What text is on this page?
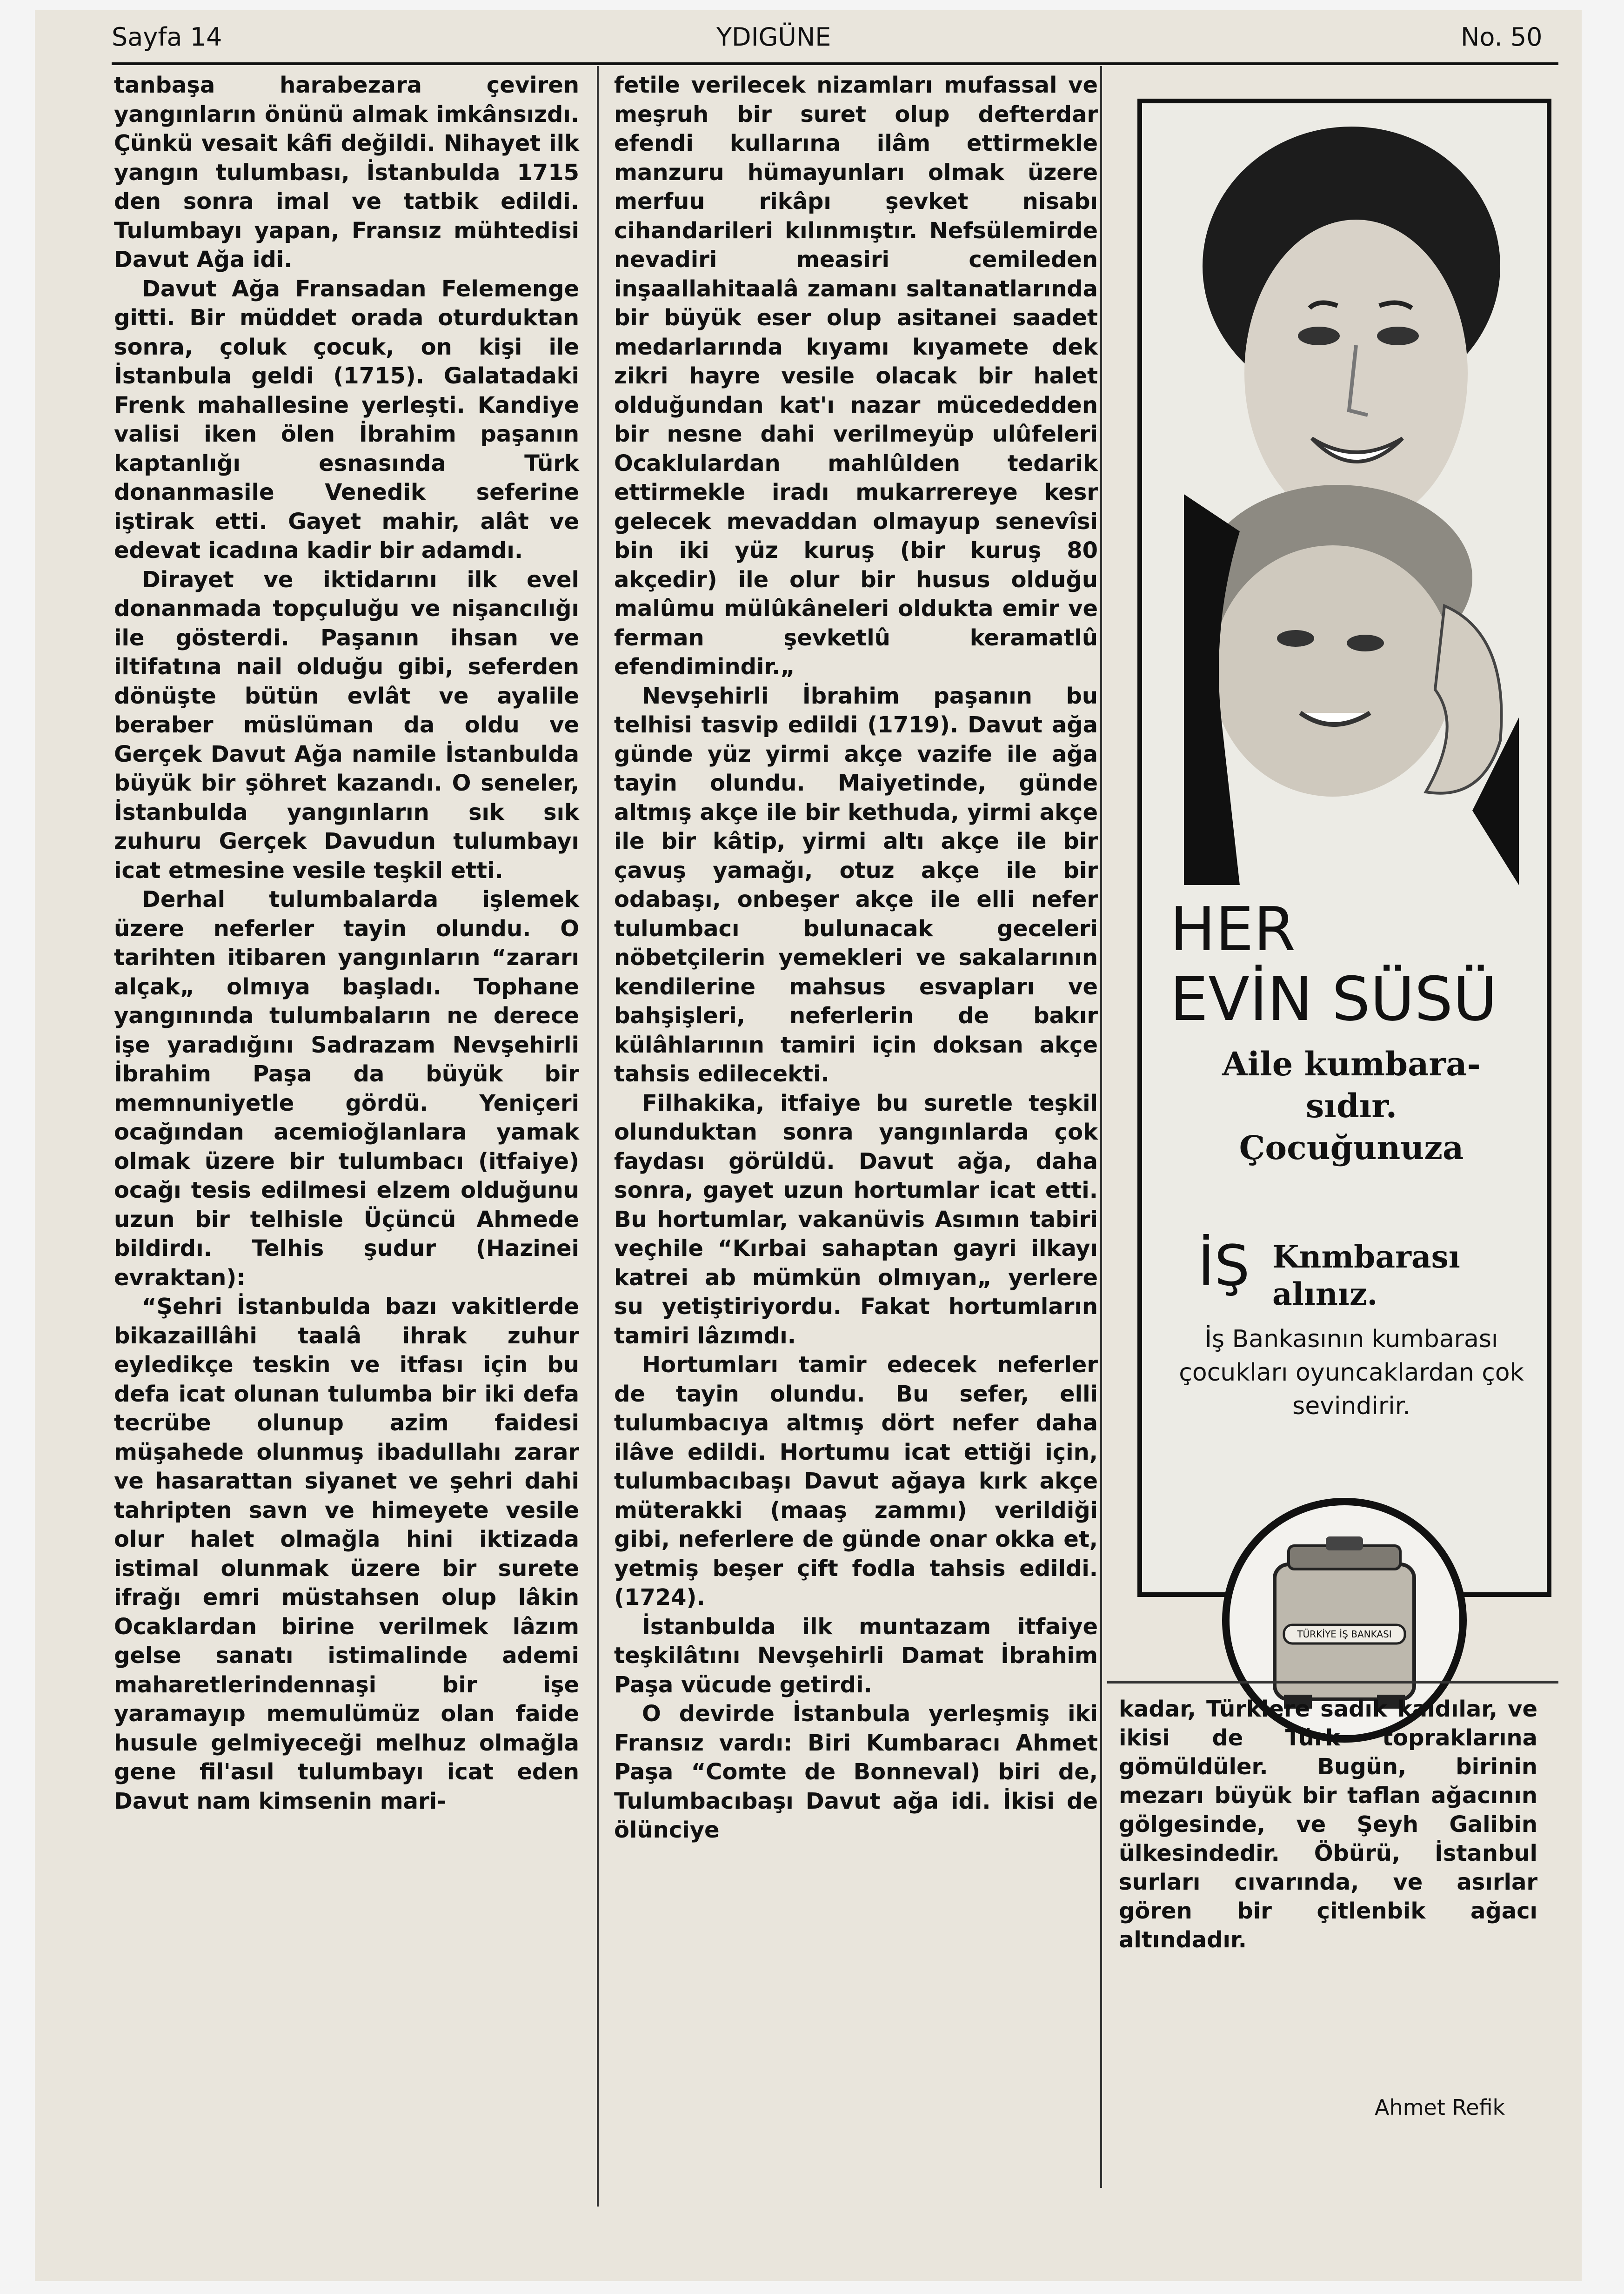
Sayfa 14	YDIGÜNE	No. 50

tanbaşa harabezara çeviren yangınların önünü almak imkânsızdı. Çünkü vesait kâfi değildi. Nihayet ilk yangın tulumbası, İstanbulda 1715 den sonra imal ve tatbik edildi. Tulumbayı yapan, Fransız mühtedisi Davut Ağa idi.

Davut Ağa Fransadan Felemenge gitti. Bir müddet orada oturduktan sonra, çoluk çocuk, on kişi ile İstanbula geldi (1715). Galatadaki Frenk mahallesine yerleşti. Kandiye valisi iken ölen İbrahim paşanın kaptanlığı esnasında Türk donanmasile Venedik seferine iştirak etti. Gayet mahir, alât ve edevat icadına kadir bir adamdı.

Dirayet ve iktidarını ilk evel donanmada topçuluğu ve nişancılığı ile gösterdi. Paşanın ihsan ve iltifatına nail olduğu gibi, seferden dönüşte bütün evlât ve ayalile beraber müslüman da oldu ve Gerçek Davut Ağa namile İstanbulda büyük bir şöhret kazandı. O seneler, İstanbulda yangınların sık sık zuhuru Gerçek Davudun tulumbayı icat etmesine vesile teşkil etti.

Derhal tulumbalarda işlemek üzere neferler tayin olundu. O tarihten itibaren yangınların “zararı alçak„ olmıya başladı. Tophane yangınında tulumbaların ne derece işe yaradığını Sadrazam Nevşehirli İbrahim Paşa da büyük bir memnuniyetle gördü. Yeniçeri ocağından acemioğlanlara yamak olmak üzere bir tulumbacı (itfaiye) ocağı tesis edilmesi elzem olduğunu uzun bir telhisle Üçüncü Ahmede bildirdı. Telhis şudur (Hazinei evraktan):

“Şehri İstanbulda bazı vakitlerde bikazaillâhi taalâ ihrak zuhur eyledikçe teskin ve itfası için bu defa icat olunan tulumba bir iki defa tecrübe olunup azim faidesi müşahede olunmuş ibadullahı zarar ve hasarattan siyanet ve şehri dahi tahripten savn ve himeyete vesile olur halet olmağla hini iktizada istimal olunmak üzere bir surete ifrağı emri müstahsen olup lâkin Ocaklardan birine verilmek lâzım gelse sanatı istimalinde ademi maharetlerindennaşi bir işe yaramayıp memulümüz olan faide husule gelmiyeceği melhuz olmağla gene fil'asıl tulumbayı icat eden Davut nam kimsenin mari-

fetile verilecek nizamları mufassal ve meşruh bir suret olup defterdar efendi kullarına ilâm ettirmekle manzuru hümayunları olmak üzere merfuu rikâpı şevket nisabı cihandarileri kılınmıştır. Nefsülemirde nevadiri measiri cemileden inşaallahitaalâ zamanı saltanatlarında bir büyük eser olup asitanei saadet medarlarında kıyamı kıyamete dek zikri hayre vesile olacak bir halet olduğundan kat'ı nazar mücededden bir nesne dahi verilmeyüp ulûfeleri Ocaklulardan mahlûlden tedarik ettirmekle iradı mukarrereye kesr gelecek mevaddan olmayup senevîsi bin iki yüz kuruş (bir kuruş 80 akçedir) ile olur bir husus olduğu malûmu mülûkâneleri oldukta emir ve ferman şevketlû keramatlû efendimindir.„

Nevşehirli İbrahim paşanın bu telhisi tasvip edildi (1719). Davut ağa günde yüz yirmi akçe vazife ile ağa tayin olundu. Maiyetinde, günde altmış akçe ile bir kethuda, yirmi akçe ile bir kâtip, yirmi altı akçe ile bir çavuş yamağı, otuz akçe ile bir odabaşı, onbeşer akçe ile elli nefer tulumbacı bulunacak geceleri nöbetçilerin yemekleri ve sakalarının kendilerine mahsus esvapları ve bahşişleri, neferlerin de bakır külâhlarının tamiri için doksan akçe tahsis edilecekti.

Filhakika, itfaiye bu suretle teşkil olunduktan sonra yangınlarda çok faydası görüldü. Davut ağa, daha sonra, gayet uzun hortumlar icat etti. Bu hortumlar, vakanüvis Asımın tabiri veçhile “Kırbai sahaptan gayri ilkayı katrei ab mümkün olmıyan„ yerlere su yetiştiriyordu. Fakat hortumların tamiri lâzımdı.

Hortumları tamir edecek neferler de tayin olundu. Bu sefer, elli tulumbacıya altmış dört nefer daha ilâve edildi. Hortumu icat ettiği için, tulumbacıbaşı Davut ağaya kırk akçe müterakki (maaş zammı) verildiği gibi, neferlere de günde onar okka et, yetmiş beşer çift fodla tahsis edildi. (1724).

İstanbulda ilk muntazam itfaiye teşkilâtını Nevşehirli Damat İbrahim Paşa vücude getirdi.

O devirde İstanbula yerleşmiş iki Fransız vardı: Biri Kumbaracı Ahmet Paşa “Comte de Bonneval) biri de, Tulumbacıbaşı Davut ağa idi. İkisi de ölünciye

HER
EVİN SÜSÜ
Aile kumbara-
sıdır.
Çocuğunuza
İŞ Knmbarası
alınız.
İş Bankasının kumbarası çocukları oyuncaklardan çok sevindirir.
TÜRKİYE İŞ BANKASI

kadar, Türklere sadık kaldılar, ve ikisi de Türk topraklarına gömüldüler. Bugün, birinin mezarı büyük bir taflan ağacının gölgesinde, ve Şeyh Galibin ülkesindedir. Öbürü, İstanbul surları cıvarında, ve asırlar gören bir çitlenbik ağacı altındadır.

Ahmet Refik
